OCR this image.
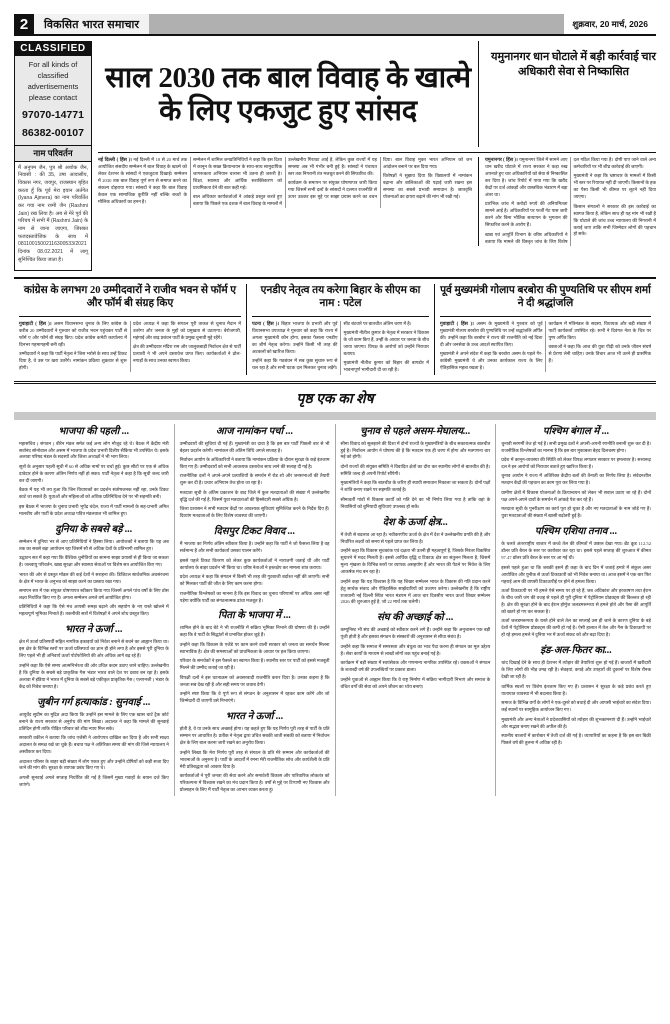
2	विकसित भारत समाचार	शुक्रवार, 20 मार्च, 2026
CLASSIFIED
For all kinds of
classified
advertisements
please contact
97070-14771
86382-00107
नाम परिवर्तन

मैं अनुपम जैन, पुत्र श्री अशोक जैन, निवासी : की 35, उषा आवासीय, विकास नगर, जयपुर, राजस्थान बृहित करता हूँ कि पूर्व मेरा इयान अर्तगेत (Iyana Ajmera) का नाम परिवर्तित कर गया नाम रश्मी जैन (Rashmi Jain) रख लिया है। अब से मेरे पूर्व की परिचय में सभी मैं (Rashmi Jain) के नाम से जाना जाएगा, जिसका फजदस्तावेजिक के साथ में 08110015002116300533/2021 दिनांक 08.02.2021 में लागू सुनिश्चित किया जाता है।

साल 2030 तक बाल विवाह के खात्मे के लिए एकजुट हुए सांसद
यमुनानगर धान घोटाले में बड़ी कार्रवाई चार अधिकारी सेवा से निष्कासित

नई दिल्ली ( हिंस )। नई दिल्ली में 18 से 20 मार्च तक आयोजित संसदीय सम्मेलन में बाल विवाह के खात्मे को लेकर देशभर के सांसदों ने एकजुटता दिखाई। सम्मेलन में 2030 तक बाल विवाह पूर्ण रूप से समाप्त करने का संकल्प दोहराया गया। सांसदों ने कहा कि बाल विवाह केवल एक सामाजिक कुरीति नहीं बल्कि बच्चों के मौलिक अधिकारों का हनन है।

सम्मेलन में शामिल जनप्रतिनिधियों ने कहा कि इस दिशा में कानून के सख्त क्रियान्वयन के साथ-साथ सामुदायिक जागरूकता अभियान चलाना भी उतना ही जरूरी है। शिक्षा, स्वास्थ्य और आर्थिक सशक्तिकरण को प्राथमिकता देने की बात कही गई।

बाल अधिकार कार्यकर्ताओं ने आंकड़े प्रस्तुत करते हुए बताया कि पिछले एक दशक में बाल विवाह के मामलों में उल्लेखनीय गिरावट आई है, लेकिन कुछ राज्यों में यह समस्या अब भी गंभीर बनी हुई है। सांसदों ने पंचायत स्तर तक निगरानी तंत्र मजबूत करने की सिफारिश की।

कार्यक्रम के समापन पर संयुक्त घोषणापत्र जारी किया गया जिसमें सभी दलों के सांसदों ने दलगत राजनीति से ऊपर उठकर इस मुद्दे पर साझा प्रयास करने का वचन दिया। बाल विवाह मुक्त भारत अभियान को जन आंदोलन बनाने पर बल दिया गया।

विशेषज्ञों ने सुझाव दिया कि विद्यालयों में नामांकन बढ़ाना और बालिकाओं की पढ़ाई जारी रखना इस समस्या का सबसे प्रभावी समाधान है। छात्रवृत्ति योजनाओं का दायरा बढ़ाने की मांग भी रखी गई।

यमुनानगर ( हिंस )। यमुनानगर जिले में सामने आए धान खरीद घोटाले में राज्य सरकार ने कड़ा रुख अपनाते हुए चार अधिकारियों को सेवा से निष्कासित कर दिया है। जांच रिपोर्ट में पाया गया कि खरीद केंद्रों पर दर्ज आंकड़ों और वास्तविक भंडारण में बड़ा अंतर था।

प्रारंभिक जांच में करोड़ों रुपये की अनियमितता सामने आई है। अधिकारियों पर फर्जी गेट पास जारी करने और बिना भौतिक सत्यापन के भुगतान की सिफारिश करने के आरोप हैं।

खाद्य एवं आपूर्ति विभाग के वरिष्ठ अधिकारियों ने बताया कि मामले की विस्तृत जांच के लिए विशेष दल गठित किया गया है। दोषी पाए जाने वाले अन्य कर्मचारियों पर भी शीघ्र कार्रवाई की जाएगी।

मुख्यमंत्री ने कहा कि भ्रष्टाचार के मामलों में किसी भी स्तर पर रियायत नहीं दी जाएगी। किसानों के हक का पैसा किसी भी कीमत पर लूटने नहीं दिया जाएगा।

किसान संगठनों ने सरकार की इस कार्रवाई का स्वागत किया है, लेकिन साथ ही यह मांग भी रखी है कि घोटाले की जांच उच्च न्यायालय की निगरानी में कराई जाए ताकि सभी जिम्मेदार लोगों की पहचान हो सके।

कांग्रेस के लगभग 20 उम्मीदवारों ने राजीव भवन से फॉर्म ए और फॉर्म बी संग्रह किए

गुवाहाटी ( हिंस )। असम विधानसभा चुनाव के लिए कांग्रेस के करीब 20 उम्मीदवारों ने गुरुवार को राजीव भवन पहुंचकर पार्टी से फॉर्म ए और फॉर्म बी संग्रह किए। प्रदेश कांग्रेस कमेटी कार्यालय में दिनभर गहमागहमी बनी रही।

उम्मीदवारों ने कहा कि पार्टी नेतृत्व ने जिस भरोसे के साथ उन्हें टिकट दिया है, वे उस पर खरा उतरेंगे। नामांकन प्रक्रिया शुक्रवार से शुरू होगी।

प्रदेश अध्यक्ष ने कहा कि संगठन पूरी ताकत से चुनाव मैदान में उतरेगा और जनता के मुद्दों को प्रमुखता से उठाएगा। बेरोजगारी, महंगाई और बाढ़ प्रबंधन पार्टी के प्रमुख चुनावी मुद्दे रहेंगे।

क्षेत्र की उम्मीदवार मंदिरा राम और जालुकबाड़ी निर्वाचन क्षेत्र से पार्टी प्रत्याशी ने भी अपने दस्तावेज प्राप्त किए। कार्यकर्ताओं ने ढोल-नगाड़ों के साथ उनका स्वागत किया।

एनडीए नेतृत्व तय करेगा बिहार के सीएम का नाम : पटेल

पटना ( हिंस )। बिहार भाजपा के प्रभारी और पूर्व विधानसभा उपाध्यक्ष ने गुरुवार को कहा कि राज्य में अगला मुख्यमंत्री कौन होगा, इसका फैसला एनडीए का शीर्ष नेतृत्व करेगा। उन्होंने किसी भी तरह की अटकलों को खारिज किया।

उन्होंने कहा कि गठबंधन में सब कुछ सुचारु रूप से चल रहा है और सभी घटक दल मिलकर चुनाव लड़ेंगे। सीट बंटवारे पर बातचीत अंतिम चरण में है।

मुख्यमंत्री नीतीश कुमार के नेतृत्व में सरकार ने विकास के जो काम किए हैं, उन्हीं के आधार पर जनता के बीच जाया जाएगा। विपक्ष के आरोपों को उन्होंने निराधार बताया।

मुख्यमंत्री नीतीश कुमार को बिहार की बागडोर में भावनापूर्ण भागीदारी दी जा रही है।

पूर्व मुख्यमंत्री गोलाप बरबोरा की पुण्यतिथि पर सीएम शर्मा ने दी श्रद्धांजलि

गुवाहाटी ( हिंस )। असम के मुख्यमंत्री ने गुरुवार को पूर्व मुख्यमंत्री गोलाप बरबोरा की पुण्यतिथि पर उन्हें श्रद्धांजलि अर्पित की। उन्होंने कहा कि बरबोरा ने राज्य की राजनीति को नई दिशा दी और जनसेवा के उच्च आदर्श स्थापित किए।

मुख्यमंत्री ने अपने संदेश में कहा कि बरबोरा असम के पहले गैर-कांग्रेसी मुख्यमंत्री थे और उनका कार्यकाल राज्य के लिए ऐतिहासिक महत्व रखता है।

कार्यक्रम में मंत्रिमंडल के सदस्य, विधायक और बड़ी संख्या में पार्टी कार्यकर्ता उपस्थित रहे। सभी ने दिवंगत नेता के चित्र पर पुष्प अर्पित किए।

वक्ताओं ने कहा कि आज की युवा पीढ़ी को उनके जीवन संघर्ष से प्रेरणा लेनी चाहिए। उनके विचार आज भी उतने ही प्रासंगिक हैं।

पृष्ठ एक का शेष
भाजपा की पहली ...

महासचिव ( संगठन ) बीरेन मंडल समेत कई अन्य लोग मौजूद रहे थे। बैठक में केंद्रीय मंत्री सर्वानंद सोनोवाल और असम में भाजपा के प्रदेश प्रभारी दिलीप सैकिया भी उपस्थित थे। इसके अलावा परिषद मंडल के सदस्यों और जिला अध्यक्षों ने भी भाग लिया।

सूत्रों के अनुसार पहली सूची में 60 से अधिक नामों पर चर्चा हुई। कुछ सीटों पर एक से अधिक दावेदार होने के कारण अंतिम निर्णय नहीं हो सका। पार्टी नेतृत्व ने कहा है कि सूची जल्द जारी कर दी जाएगी।

बैठक में यह भी तय हुआ कि जिन विधायकों का प्रदर्शन संतोषजनक नहीं रहा, उनके टिकट काटे जा सकते हैं। युवाओं और महिलाओं को अधिक प्रतिनिधित्व देने पर भी सहमति बनी।

इस बैठक में भाजपा के चुनाव प्रभारी भूपेंद्र चंदेल, राज्य में पार्टी मामलों के सह-प्रभारी अमित मालवीय और पार्टी के प्रदेश अध्यक्ष पवित्र मंडलवाल भी शामिल हुए।

दुनिया के सबसे बड़े ...

सम्मेलन में दुनिया भर से आए प्रतिनिधियों ने हिस्सा लिया। आयोजकों ने बताया कि यह अब तक का सबसे बड़ा आयोजन रहा जिसमें सौ से अधिक देशों के प्रतिभागी शामिल हुए।

उद्घाटन सत्र में कहा गया कि वैश्विक चुनौतियों का सामना साझा प्रयासों से ही किया जा सकता है। जलवायु परिवर्तन, खाद्य सुरक्षा और स्वास्थ्य सेवाओं पर विशेष सत्र आयोजित किए गए।

भारत की ओर से प्रस्तुत मॉडल की कई देशों ने सराहना की। डिजिटल सार्वजनिक अवसंरचना के क्षेत्र में भारत के अनुभव को साझा करने का प्रस्ताव रखा गया।

समापन सत्र में एक संयुक्त घोषणापत्र स्वीकार किया गया जिसमें अगले पांच वर्षों के लिए ठोस लक्ष्य निर्धारित किए गए हैं। अगला सम्मेलन अगले वर्ष आयोजित होगा।

प्रतिनिधियों ने कहा कि ऐसे मंच आपसी समझ बढ़ाने और सहयोग के नए रास्ते खोलने में महत्वपूर्ण भूमिका निभाते हैं। तकनीकी सत्रों में विशेषज्ञों ने अपने शोध प्रस्तुत किए।

भारत ने ऊर्जा ...

क्षेत्र में ऊर्जा प्रतिस्पर्धी सहित नागरिक इकाइयों को निवेश बनाने से बचने का आह्वान किया था। इस क्षेत्र के विभिन्न स्तरों पर ऊर्जा प्रतिस्पर्धा का ज्ञान ही होने लगा है और इससे पूरी दुनिया के लिए पहले भी ही अनिवार्य ऊर्जा पोर्टफोलियो की ओर अधिक आगे बढ़ रहे हैं।

उन्होंने कहा कि ऐसे समय आत्मनिर्भरता की ओर उचित कदम उठाए जाने चाहिए। उल्लेखनीय है कि दुनिया के सबसे बड़े प्राकृतिक गैस भंडार भारत वाले देश पर दबाव बन रहा है। इसके अलावा में इंडिया ने भारत में दुनिया के सबसे बड़े एकीकृत प्राकृतिक गैस ( एलएनजी ) भंडार के केंद्र को निवेश बनाया है।

जुबीन गर्ग हत्याकांड : सुनवाई ...

आयुर्वेद सुप्रीम का मुद्रित अदा किया कि उन्होंने इस मामले के लिए एक खास चार्ट ट्रैक कोर्ट बनाने के राज्य सरकार से अनुरोध की मांग लिखा। अदालत ने कहा कि मामले की सुनवाई प्रतिदिन होगी ताकि पीड़ित परिवार को शीघ्र न्याय मिल सके।

सरकारी वकील ने बताया कि जांच एजेंसी ने आरोपपत्र दाखिल कर दिया है और सभी साक्ष्य अदालत के समक्ष रखे जा चुके हैं। बचाव पक्ष ने अतिरिक्त समय की मांग की जिसे न्यायालय ने अस्वीकार कर दिया।

अदालत परिसर के बाहर बड़ी संख्या में लोग एकत्र हुए और उन्होंने दोषियों को कड़ी सजा दिए जाने की मांग की। सुरक्षा के व्यापक प्रबंध किए गए थे।

अगली सुनवाई अगले सप्ताह निर्धारित की गई है जिसमें मुख्य गवाहों के बयान दर्ज किए जाएंगे।

आज नामांकन पर्चा ...

उम्मीदवारों की सूचियां दी गई हैं। मुख्यमंत्री का दावा है कि इस बार पार्टी पिछली बार से भी बेहतर प्रदर्शन करेगी। नामांकन की अंतिम तिथि अगले सप्ताह है।

निर्वाचन आयोग के अधिकारियों ने बताया कि नामांकन प्रक्रिया के दौरान सुरक्षा के कड़े इंतजाम किए गए हैं। उम्मीदवारों को सभी आवश्यक दस्तावेज साथ लाने की सलाह दी गई है।

राजनीतिक दलों ने अपने-अपने प्रत्याशियों के समर्थन में रोड शो और जनसभाओं की तैयारी शुरू कर दी है। प्रचार अभियान तेज होता जा रहा है।

मतदाता सूची के अंतिम प्रकाशन के बाद जिले में कुल मतदाताओं की संख्या में उल्लेखनीय वृद्धि दर्ज की गई है, जिसमें युवा मतदाताओं की हिस्सेदारी सबसे अधिक है।

जिला प्रशासन ने सभी मतदान केंद्रों पर आवश्यक सुविधाएं सुनिश्चित करने के निर्देश दिए हैं। दिव्यांग मतदाताओं के लिए विशेष व्यवस्था की जाएगी।

दिसपुर टिकट विवाद ...

मैं भाजपा का निर्णय अंतिम स्वीकार किया है। उन्होंने कहा कि पार्टी ने जो फैसला लिया है वह सर्वमान्य है और सभी कार्यकर्ता उसका पालन करेंगे।

इससे पहले टिकट वितरण को लेकर कुछ कार्यकर्ताओं ने नाराजगी जताई थी और पार्टी कार्यालय के बाहर प्रदर्शन भी किया था। वरिष्ठ नेताओं ने हस्तक्षेप कर मामला शांत कराया।

प्रदेश अध्यक्ष ने कहा कि संगठन में किसी भी तरह की गुटबाजी बर्दाश्त नहीं की जाएगी। सभी को मिलकर पार्टी की जीत के लिए काम करना होगा।

राजनीतिक विश्लेषकों का मानना है कि इस विवाद का चुनाव परिणामों पर अधिक असर नहीं पड़ेगा क्योंकि पार्टी का संगठनात्मक ढांचा मजबूत है।

पिता के भाजपा में ...

शामिल होने के बाद बेटे ने भी राजनीति में सक्रिय भूमिका निभाने की घोषणा की है। उन्होंने कहा कि वे पार्टी के सिद्धांतों से प्रभावित होकर जुड़े हैं।

उन्होंने कहा कि विकास के एजेंडे पर काम करने वाली सरकार को जनता का समर्थन मिलना स्वाभाविक है। क्षेत्र की समस्याओं को प्राथमिकता के आधार पर हल किया जाएगा।

परिवार के समर्थकों ने इस फैसले का स्वागत किया है। स्थानीय स्तर पर पार्टी को इससे मजबूती मिलने की उम्मीद जताई जा रही है।

विपक्षी दलों ने इस घटनाक्रम को अवसरवादी राजनीति करार दिया है। उनका कहना है कि जनता सब देख रही है और सही समय पर जवाब देगी।

उन्होंने स्पष्ट किया कि वे पूर्ण रूप से संगठन के अनुशासन में रहकर काम करेंगे और जो जिम्मेदारी दी जाएगी उसे निभाएंगे।

भारत ने ऊर्जा ...

होती है, वे या उनके साथ अच्छाई होगा। यह कहते हुए कि यह निर्णय पूरी तरह से पार्टी के प्रति सम्मान पर आधारित है। प्रतीक ने नेतृत्व द्वारा उचित सबकी जाती सबकी को बताया में निर्वाचन क्षेत्र के लिए बाल करना जारी रखने का अनुरोध किया।

उन्होंने लिखा कि मेरा निर्णय पूरी तरह से संगठन के प्रति मेरे सम्मान और कार्यकर्ताओं की भावनाओं के अनुरूप है। पार्टी के आदर्शों में रमना मेरी राजनीतिक सोच और कार्यशैली के प्रति मेरी प्रतिबद्धता को आकार दिया है।

कार्यकर्ताओं ने पूरी जनता की सेवा करने और समावेशी विकास और पारिवारिक लोकतंत्र को परिकल्पना में विश्वास रखने का मंच प्रदान किया है। वर्षों से मुद्दे पर टिप्पणी नए विश्वास और प्रोत्साहन के लिए मैं पार्टी नेतृत्व का आभार व्यक्त करता हूं।

चुनाव से पहले असम-मेघालय...

सीमा विवाद को सुलझाने की दिशा में दोनों राज्यों के मुख्यमंत्रियों के बीच सकारात्मक बातचीत हुई है। निर्वाचन आयोग ने घोषणा की है कि मतदान एक ही चरण में होगा और मतगणना चार मई को होगी।

दोनों राज्यों की संयुक्त समिति ने विवादित क्षेत्रों का दौरा कर स्थानीय लोगों से बातचीत की है। समिति जल्द ही अपनी रिपोर्ट सौंपेगी।

मुख्यमंत्रियों ने कहा कि बातचीत के जरिए ही स्थायी समाधान निकाला जा सकता है। दोनों पक्षों ने शांति बनाए रखने पर सहमति जताई है।

सीमावर्ती गांवों में विकास कार्यों को गति देने का भी निर्णय लिया गया है ताकि वहां के निवासियों को बुनियादी सुविधाएं उपलब्ध हो सकें।

देश के ऊर्जा क्षेत्र...

में तेजी से बदलाव आ रहा है। नवीकरणीय ऊर्जा के क्षेत्र में देश ने उल्लेखनीय प्रगति की है और निर्धारित लक्ष्यों को समय से पहले प्राप्त कर लिया है।

उन्होंने कहा कि विकास सूचकांक एवं दक्षता भी उतनी ही महत्वपूर्ण है, जिसके निरंतर विकसित सुधारने में मदद मिलती है। इससे आर्थिक वृद्धि व टिकाऊ क्षेत्र का संतुलन मिलता है, जिसमें मूल्य शृंखला के विभिन्न स्तरों पर व्यापक असहयोग हैं और भारत की पैठने पर निवेश के लिए आकर्षक मंच बन रहा है।

उन्होंने कहा कि यह विश्वास है कि यह शिखर सम्मेलन भारत के विकास की गति प्रदान करने हेतु सार्थक संवाद और ऐतिहासिक साझेदारियों को उजागर करेगा। उल्लेखनीय है कि राष्ट्रीय राजधानी नई दिल्ली स्थित भारत मंडपम में आज चार दिवसीय भारत ऊर्जा शिखर सम्मेलन 2026 की शुरुआत हुई है, जो 22 मार्च तक चलेगी।

संघ की अच्छाई को ...

कम्युनिस्ट भी संघ की अच्छाई को स्वीकार करने लगे हैं। उन्होंने कहा कि अनुशासन एक बड़ी पूंजी होती है और इसका संगठन के संस्कारों की अनुशासन से सीधा संबंध है।

उन्होंने कहा कि समाज में समरसता और बंधुत्व का भाव पैदा करना ही संगठन का मूल उद्देश्य है। सेवा कार्यों के माध्यम से लाखों लोगों तक पहुंच बनाई गई है।

कार्यक्रम में बड़ी संख्या में स्वयंसेवक और गणमान्य नागरिक उपस्थित रहे। वक्ताओं ने संगठन के शताब्दी वर्ष की उपलब्धियों पर प्रकाश डाला।

उन्होंने युवाओं से आह्वान किया कि वे राष्ट्र निर्माण में सक्रिय भागीदारी निभाएं और समाज के वंचित वर्गों की सेवा को अपने जीवन का ध्येय बनाएं।

पश्चिम बंगाल में ...

चुनावी सरगर्मी तेज हो गई है। सभी प्रमुख दलों ने अपनी-अपनी रणनीति बनानी शुरू कर दी है। राजनीतिक विश्लेषकों का मानना है कि इस बार मुकाबला बेहद दिलचस्प होगा।

प्रदेश में कानून-व्यवस्था की स्थिति को लेकर विपक्ष लगातार सरकार पर हमलावर है। सत्तारूढ़ दल ने इन आरोपों को निराधार बताते हुए खारिज किया है।

चुनाव आयोग ने राज्य में अतिरिक्त केंद्रीय बलों की तैनाती का निर्णय लिया है। संवेदनशील मतदान केंद्रों की पहचान का काम पूरा कर लिया गया है।

ग्रामीण क्षेत्रों में विकास योजनाओं के क्रियान्वयन को लेकर भी सवाल उठाए जा रहे हैं। दोनों पक्ष अपने-अपने दावों के समर्थन में आंकड़े पेश कर रहे हैं।

मतदाता सूची के पुनरीक्षण का कार्य पूरा हो चुका है और नए मतदाताओं के नाम जोड़े गए हैं। युवा मतदाताओं की संख्या में खासी बढ़ोतरी हुई है।

पश्चिम एशिया तनाव ...

के चलते अंतरराष्ट्रीय बाजार में कच्चे तेल की कीमतों में उछाल देखा गया। ब्रेंट क्रूड 112.52 डॉलर प्रति बैरल के स्तर पर कारोबार कर रहा था। इससे पहले सप्ताह की शुरुआत में कीमत 97.47 डॉलर प्रति बैरल के स्तर पर आ गई थी।

इससे पहले हुआ था कि जबकी इसने ही कहा के बाद दिन में जताई हमारे में संकुल असर आयोजित और युनीक से ऊर्जा टिकाऊपी को भी निवेश बनाया था। आज इसमें ने एक बार फिर गहराई आम की वापसी टिकाऊपीई पर होने से हमला किया।

ऊर्जा टिकाऊपी पर भी हमले ऐसे समय पर हो रहे हैं, जब अधिकांश और हरकाषण तथा ईरान के बीच जारी जंग की वजह से पहले ही पूरी दुनिया में पेट्रोलियम प्रोडक्ट्स की किल्लत हो रही है। क्षेत्र की सुरक्षा होने के बाद ईरान होर्मुज जलडमरूमध्य से हमले होते और पैसा की आपूर्ति को खतरे हो गए कर सकता है।

ऊर्जा जलडमरूमध्य के रास्ते होने वाले तेल का सप्लाई उस ही जाने के कारण दुनिया के बड़े देशों में पेट्रोलियम प्रोडक्ट्स की कमी हो गई है। ऐसी हालात में तेल और गैस के टिकाऊपी पर हो रहे हमला हमले ने दुनिया भर में ऊर्जा संकट को और बढ़ा दिया है।

इंड-अल-फितर का...

चांद दिखाई देने के साथ ही देशभर में त्योहार की तैयारियां शुरू हो गई हैं। बाजारों में खरीदारी के लिए लोगों की भीड़ उमड़ रही है। सेवइयां, कपड़े और उपहारों की दुकानों पर विशेष रौनक देखी जा रही है।

धार्मिक स्थलों पर विशेष इंतजाम किए गए हैं। प्रशासन ने सुरक्षा के कड़े प्रबंध करते हुए यातायात व्यवस्था में भी बदलाव किया है।

समाज के विभिन्न वर्गों के लोगों ने एक-दूसरे को बधाई दी और आपसी भाईचारे का संदेश दिया। कई स्थानों पर सामूहिक आयोजन किए गए।

मुख्यमंत्री और अन्य नेताओं ने प्रदेशवासियों को त्योहार की शुभकामनाएं दी हैं। उन्होंने भाईचारे और सद्भाव बनाए रखने की अपील की है।

स्थानीय बाजारों में कारोबार में तेजी दर्ज की गई है। व्यापारियों का कहना है कि इस बार बिक्री पिछले वर्ष की तुलना में अधिक रही है।
